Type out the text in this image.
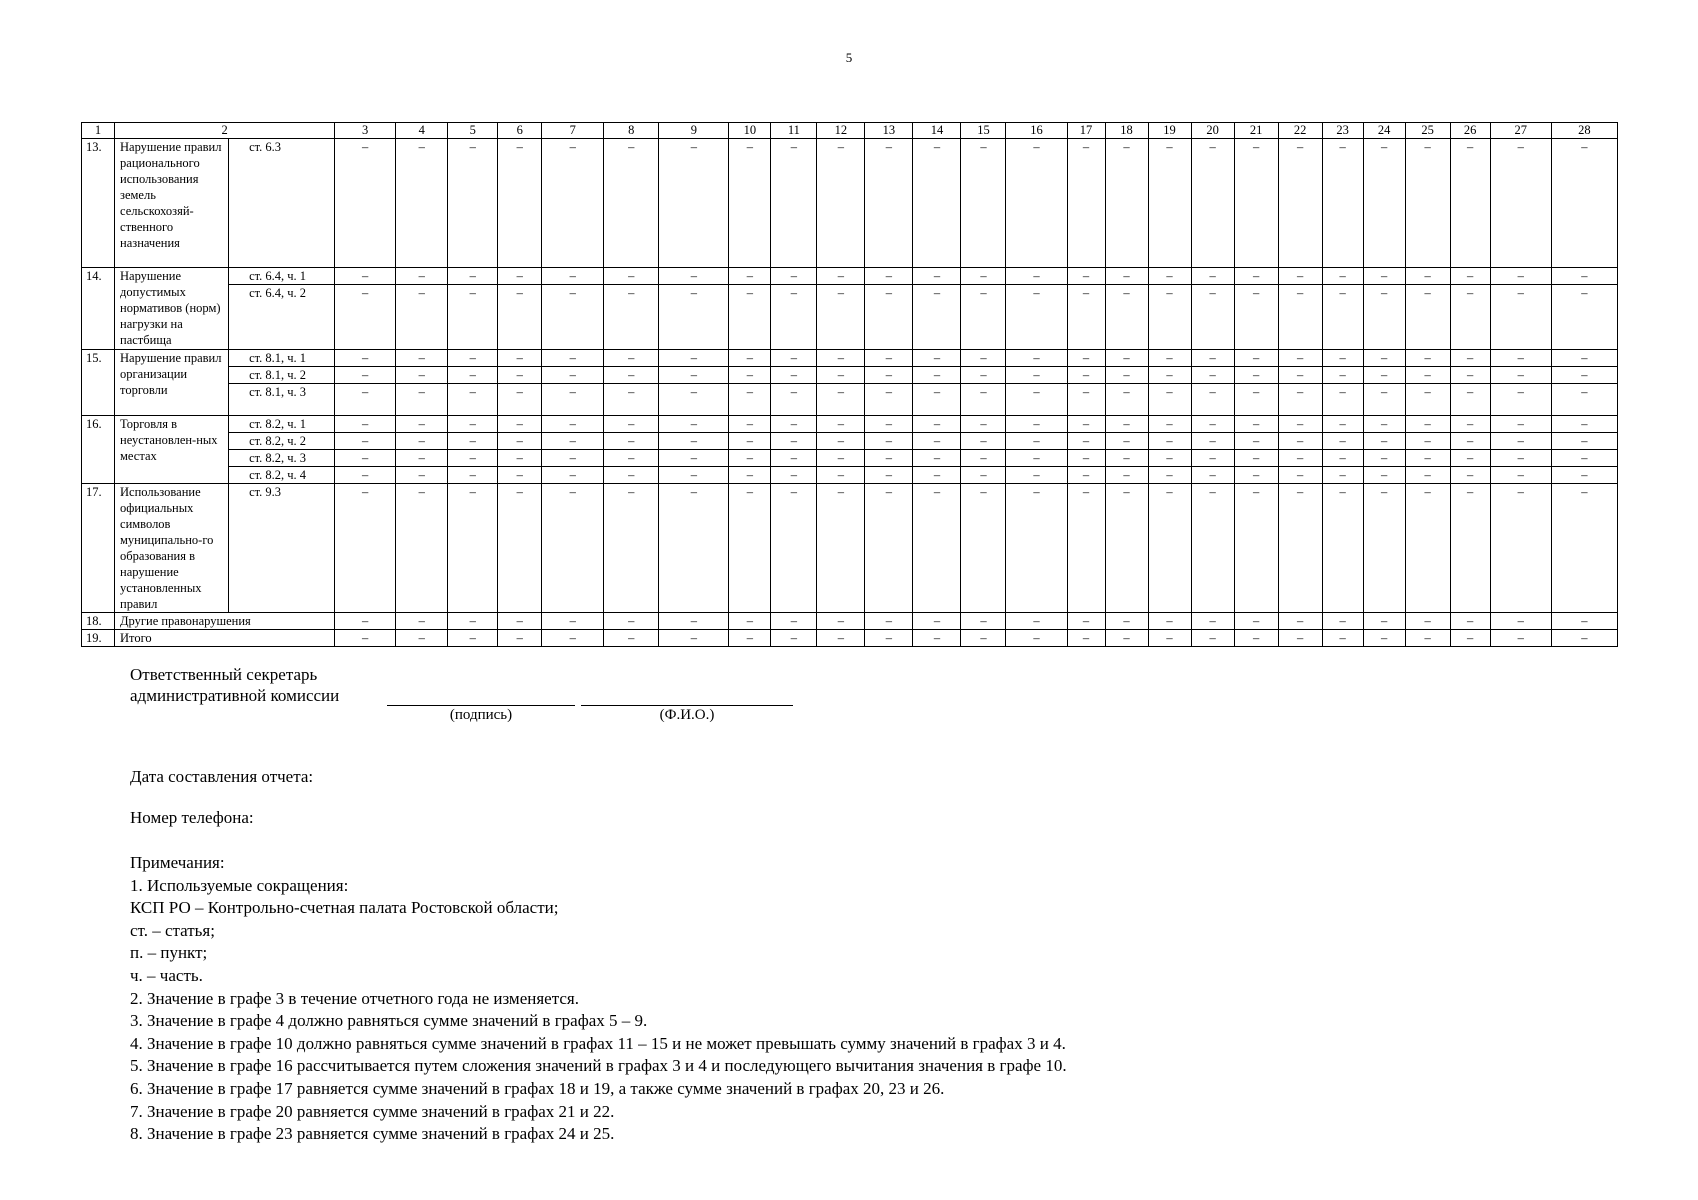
5
1	2		3	4	5	6	7	8	9	10	11	12	13	14	15	16	17	18	19	20	21	22	23	24	25	26	27	28
13.	Нарушение правил рационального использования земель сельскохозяй-ственного назначения	ст. 6.3	–	–	–	–	–	–	–	–	–	–	–	–	–	–	–	–	–	–	–	–	–	–	–	–	–	–
14.	Нарушение допустимых нормативов (норм) нагрузки на пастбища	ст. 6.4, ч. 1	–	–	–	–	–	–	–	–	–	–	–	–	–	–	–	–	–	–	–	–	–	–	–	–	–	–
		ст. 6.4, ч. 2	–	–	–	–	–	–	–	–	–	–	–	–	–	–	–	–	–	–	–	–	–	–	–	–	–	–
15.	Нарушение правил организации торговли	ст. 8.1, ч. 1	–	–	–	–	–	–	–	–	–	–	–	–	–	–	–	–	–	–	–	–	–	–	–	–	–	–
		ст. 8.1, ч. 2	–	–	–	–	–	–	–	–	–	–	–	–	–	–	–	–	–	–	–	–	–	–	–	–	–	–
		ст. 8.1, ч. 3	–	–	–	–	–	–	–	–	–	–	–	–	–	–	–	–	–	–	–	–	–	–	–	–	–	–
16.	Торговля в неустановлен-ных местах	ст. 8.2, ч. 1	–	–	–	–	–	–	–	–	–	–	–	–	–	–	–	–	–	–	–	–	–	–	–	–	–	–
		ст. 8.2, ч. 2	–	–	–	–	–	–	–	–	–	–	–	–	–	–	–	–	–	–	–	–	–	–	–	–	–	–
		ст. 8.2, ч. 3	–	–	–	–	–	–	–	–	–	–	–	–	–	–	–	–	–	–	–	–	–	–	–	–	–	–
		ст. 8.2, ч. 4	–	–	–	–	–	–	–	–	–	–	–	–	–	–	–	–	–	–	–	–	–	–	–	–	–	–
17.	Использование официальных символов муниципально-го образования в нарушение установленных правил	ст. 9.3	–	–	–	–	–	–	–	–	–	–	–	–	–	–	–	–	–	–	–	–	–	–	–	–	–	–
18.	Другие правонарушения		–	–	–	–	–	–	–	–	–	–	–	–	–	–	–	–	–	–	–	–	–	–	–	–	–	–
19.	Итого		–	–	–	–	–	–	–	–	–	–	–	–	–	–	–	–	–	–	–	–	–	–	–	–	–	–
Ответственный секретарь
административной комиссии
(подпись)	(Ф.И.О.)
Дата составления отчета:
Номер телефона:
Примечания:
1. Используемые сокращения:
КСП РО – Контрольно-счетная палата Ростовской области;
ст. – статья;
п. – пункт;
ч. – часть.
2. Значение в графе 3 в течение отчетного года не изменяется.
3. Значение в графе 4 должно равняться сумме значений в графах 5 – 9.
4. Значение в графе 10 должно равняться сумме значений в графах 11 – 15 и не может превышать сумму значений в графах 3 и 4.
5. Значение в графе 16 рассчитывается путем сложения значений в графах 3 и 4 и последующего вычитания значения в графе 10.
6. Значение в графе 17 равняется сумме значений в графах 18 и 19, а также сумме значений в графах 20, 23 и 26.
7. Значение в графе 20 равняется сумме значений в графах 21 и 22.
8. Значение в графе 23 равняется сумме значений в графах 24 и 25.
